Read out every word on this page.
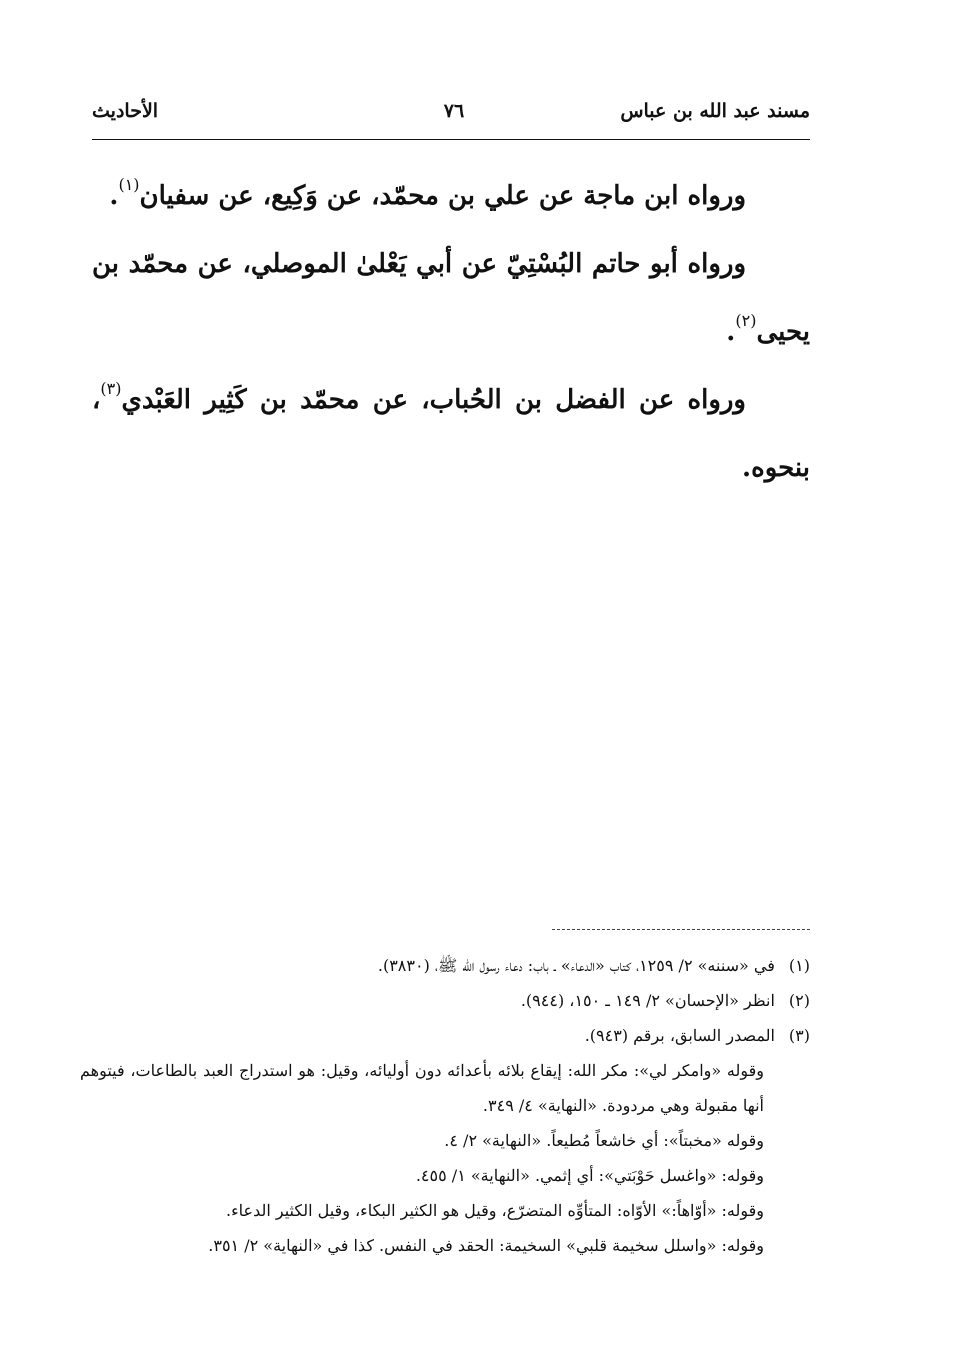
مسند عبد الله بن عباس
٧٦
الأحاديث

ورواه ابن ماجة عن علي بن محمّد، عن وَكِيع، عن سفيان$^{(١)}$.

ورواه أبو حاتم البُسْتِيّ عن أبي يَعْلىٰ الموصلي، عن محمّد بن يحيى$^{(٢)}$.

ورواه عن الفضل بن الحُباب، عن محمّد بن كَثِير العَبْدي$^{(٣)}$، بنحوه.

(١) في «سننه» ٢/ ١٢٥٩، كتاب «الدعاء» ـ باب: دعاء رسول الله ﷺ، (٣٨٣٠).

(٢) انظر «الإحسان» ٢/ ١٤٩ ـ ١٥٠، (٩٤٤).

(٣) المصدر السابق، برقم (٩٤٣).

وقوله «وامكر لي»: مكر الله: إيقاع بلائه بأعدائه دون أوليائه، وقيل: هو استدراج العبد بالطاعات، فيتوهم أنها مقبولة وهي مردودة. «النهاية» ٤/ ٣٤٩.

وقوله «مخبتاً»: أي خاشعاً مُطيعاً. «النهاية» ٢/ ٤.

وقوله: «واغسل حَوْبَتي»: أي إثمي. «النهاية» ١/ ٤٥٥.

وقوله: «أوّاهاً:» الأوّاه: المتأوِّه المتضرّع، وقيل هو الكثير البكاء، وقيل الكثير الدعاء.

وقوله: «واسلل سخيمة قلبي» السخيمة: الحقد في النفس. كذا في «النهاية» ٢/ ٣٥١.
